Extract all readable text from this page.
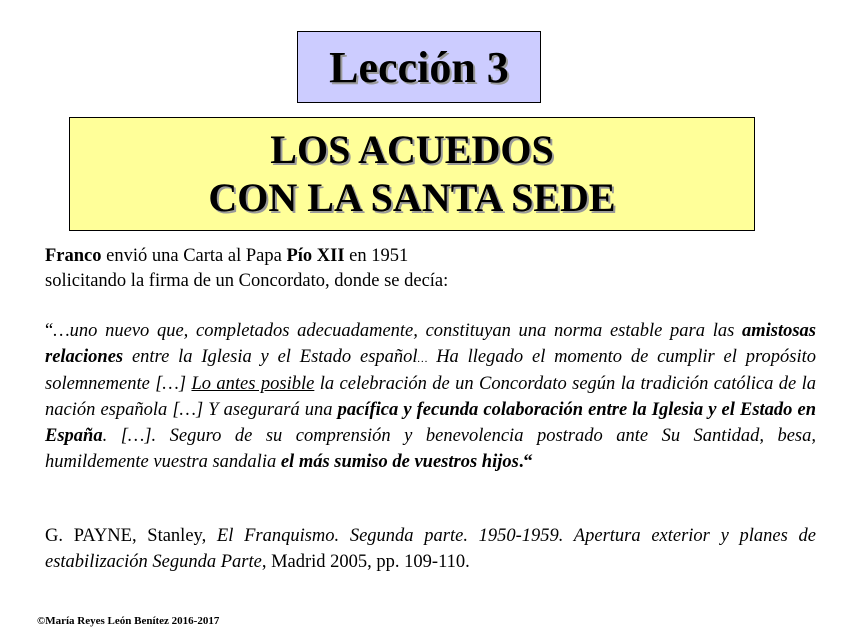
Lección 3
LOS ACUEDOS
CON LA SANTA SEDE
Franco envió una Carta al Papa Pío XII en 1951
solicitando la firma de un Concordato, donde se decía:
“…uno nuevo que, completados adecuadamente, constituyan una norma estable para las amistosas relaciones entre la Iglesia y el Estado español… Ha llegado el momento de cumplir el propósito solemnemente […] Lo antes posible la celebración de un Concordato según la tradición católica de la nación española […] Y asegurará una pacífica y fecunda colaboración entre la Iglesia y el Estado en España. […]. Seguro de su comprensión y benevolencia postrado ante Su Santidad, besa, humildemente vuestra sandalia el más sumiso de vuestros hijos.“
G. PAYNE, Stanley, El Franquismo. Segunda parte. 1950-1959. Apertura exterior y planes de estabilización Segunda Parte, Madrid 2005, pp. 109-110.
©María Reyes León Benítez 2016-2017
